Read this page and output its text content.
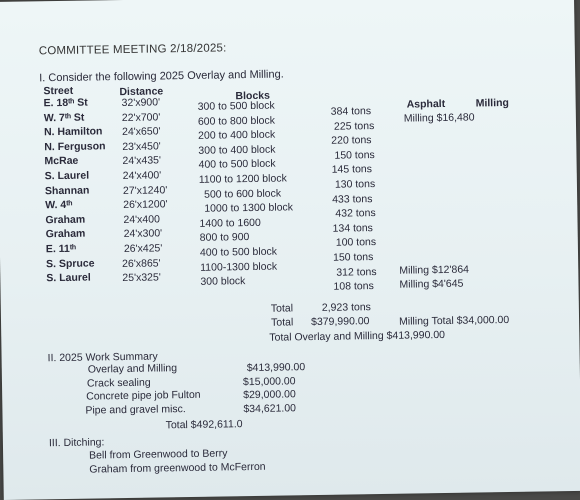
COMMITTEE MEETING 2/18/2025:
I. Consider the following 2025 Overlay and Milling.
Street	Distance	Blocks
Asphalt	Milling
Milling $16,480
E. 18ᵗʰ St	32'x900'	300 to 500 block	384 tons
W. 7ᵗʰ St	22'x700'	600 to 800 block	225 tons
N. Hamilton 24'x650'	200 to 400 block	220 tons
N. Ferguson 23'x450'	300 to 400 block	150 tons
McRae	24'x435'	400 to 500 block	145 tons
S. Laurel	24'x400'	1100 to 1200 block	130 tons
Shannan	27'x1240'	500 to 600 block	433 tons
W. 4ᵗʰ	26'x1200'	1000 to 1300 block	432 tons
Graham	24'x400	1400 to 1600	134 tons
Graham	24'x300'	800 to 900	100 tons
E. 11ᵗʰ	26'x425'	400 to 500 block	150 tons
S. Spruce	26'x865'	1100-1300 block	312 tons Milling $12'864
S. Laurel	25'x325'	300 block	108 tons Milling $4'645
Total	2,923 tons
Total $379,990.00	Milling Total $34,000.00
Total Overlay and Milling $413,990.00
II. 2025 Work Summary
Overlay and Milling	$413,990.00
Crack sealing	$15,000.00
Concrete pipe job Fulton	$29,000.00
Pipe and gravel misc.	$34,621.00
Total $492,611.0
III. Ditching:
Bell from Greenwood to Berry
Graham from greenwood to McFerron
